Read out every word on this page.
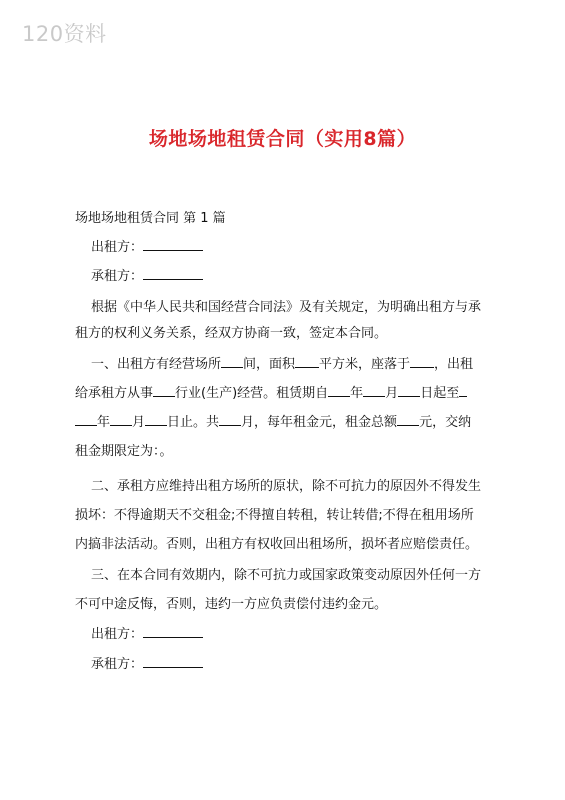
120资料
场地场地租赁合同（实用8篇）
场地场地租赁合同 第 1 篇
出租方：
承租方：
根据《中华人民共和国经营合同法》及有关规定，为明确出租方与承
租方的权利义务关系，经双方协商一致，签定本合同。
一、出租方有经营场所 间，面积 平方米，座落于 ，出租
给承租方从事 行业(生产)经营。租赁期自 年 月 日起至
年 月 日止。共 月，每年租金元，租金总额 元，交纳
租金期限定为：。
二、承租方应维持出租方场所的原状，除不可抗力的原因外不得发生
损坏：不得逾期天不交租金;不得擅自转租，转让转借;不得在租用场所
内搞非法活动。否则，出租方有权收回出租场所，损坏者应赔偿责任。
三、在本合同有效期内，除不可抗力或国家政策变动原因外任何一方
不可中途反悔，否则，违约一方应负责偿付违约金元。
出租方：
承租方：
